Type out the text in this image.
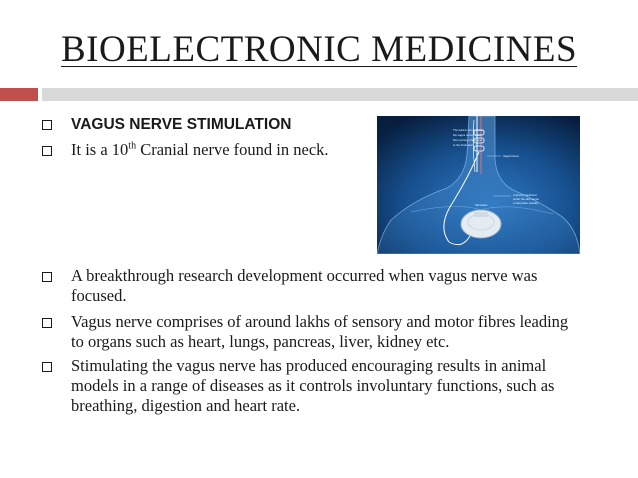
BIOELECTRONIC MEDICINES
VAGUS NERVE STIMULATION
It is a 10th Cranial nerve found in neck.
The lead is connected to
the vagus nerve, which
then conveys the signal
to the brain stem
Vagus Nerve
A device implanted
under the skin sends
a mild pulse steadily
Stimulator
A breakthrough research development occurred when vagus nerve was
focused.
Vagus nerve comprises of around lakhs of sensory and motor fibres leading
to organs such as heart, lungs, pancreas, liver, kidney etc.
Stimulating the vagus nerve has produced encouraging results in animal
models in a range of diseases as it controls involuntary functions, such as
breathing, digestion and heart rate.
